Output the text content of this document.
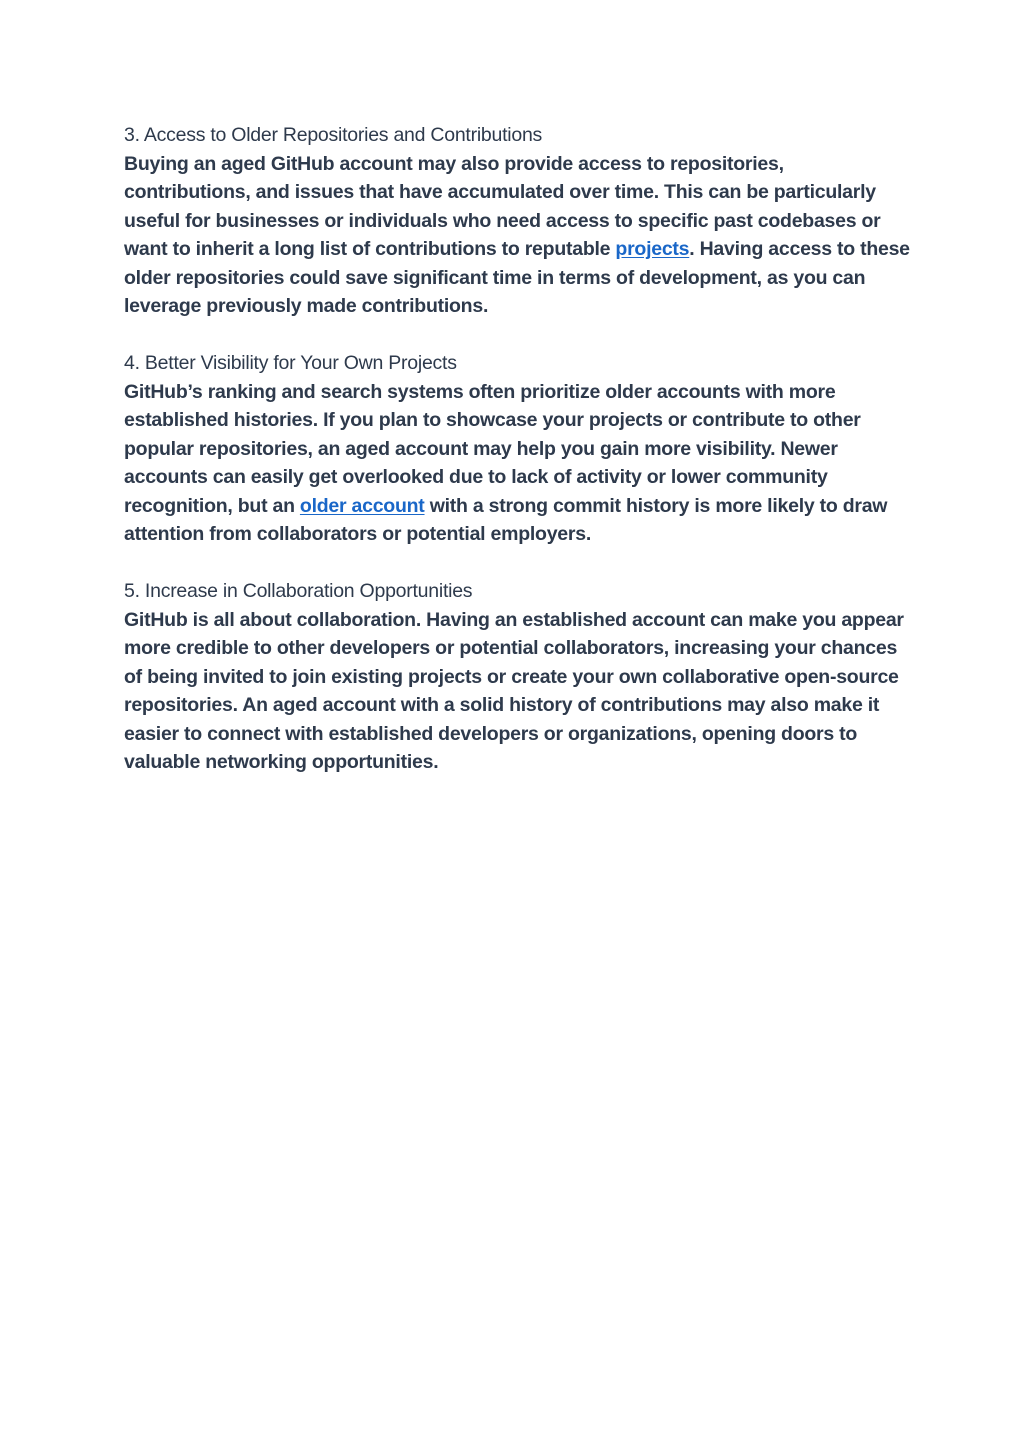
3. Access to Older Repositories and Contributions
Buying an aged GitHub account may also provide access to repositories, contributions, and issues that have accumulated over time. This can be particularly useful for businesses or individuals who need access to specific past codebases or want to inherit a long list of contributions to reputable projects. Having access to these older repositories could save significant time in terms of development, as you can leverage previously made contributions.
4. Better Visibility for Your Own Projects
GitHub’s ranking and search systems often prioritize older accounts with more established histories. If you plan to showcase your projects or contribute to other popular repositories, an aged account may help you gain more visibility. Newer accounts can easily get overlooked due to lack of activity or lower community recognition, but an older account with a strong commit history is more likely to draw attention from collaborators or potential employers.
5. Increase in Collaboration Opportunities
GitHub is all about collaboration. Having an established account can make you appear more credible to other developers or potential collaborators, increasing your chances of being invited to join existing projects or create your own collaborative open-source repositories. An aged account with a solid history of contributions may also make it easier to connect with established developers or organizations, opening doors to valuable networking opportunities.
